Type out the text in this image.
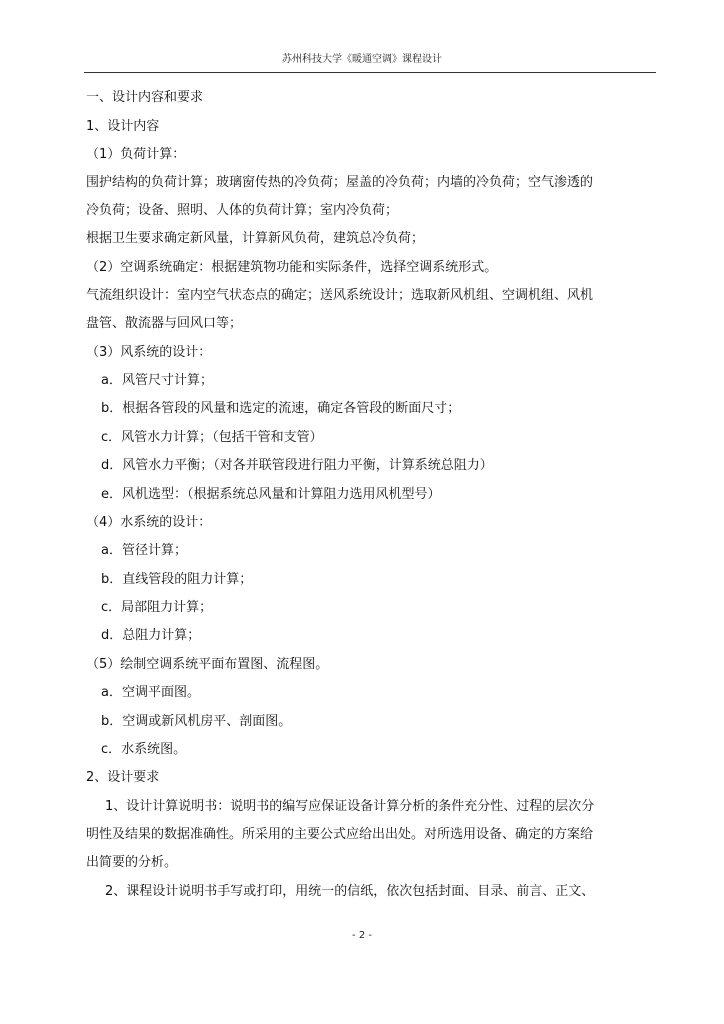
苏州科技大学《暖通空调》课程设计
一、设计内容和要求
1、设计内容
（1）负荷计算：
围护结构的负荷计算；玻璃窗传热的冷负荷；屋盖的冷负荷；内墙的冷负荷；空气渗透的
冷负荷；设备、照明、人体的负荷计算；室内冷负荷；
根据卫生要求确定新风量，计算新风负荷，建筑总冷负荷；
（2）空调系统确定：根据建筑物功能和实际条件，选择空调系统形式。
气流组织设计：室内空气状态点的确定；送风系统设计；选取新风机组、空调机组、风机
盘管、散流器与回风口等；
（3）风系统的设计：
a．风管尺寸计算；
b．根据各管段的风量和选定的流速，确定各管段的断面尺寸；
c．风管水力计算；（包括干管和支管）
d．风管水力平衡；（对各并联管段进行阻力平衡，计算系统总阻力）
e．风机选型：（根据系统总风量和计算阻力选用风机型号）
（4）水系统的设计：
a．管径计算；
b．直线管段的阻力计算；
c．局部阻力计算；
d．总阻力计算；
（5）绘制空调系统平面布置图、流程图。
a．空调平面图。
b．空调或新风机房平、剖面图。
c．水系统图。
2、设计要求
1、设计计算说明书：说明书的编写应保证设备计算分析的条件充分性、过程的层次分
明性及结果的数据准确性。所采用的主要公式应给出出处。对所选用设备、确定的方案给
出简要的分析。
2、课程设计说明书手写或打印，用统一的信纸，依次包括封面、目录、前言、正文、
- 2 -
